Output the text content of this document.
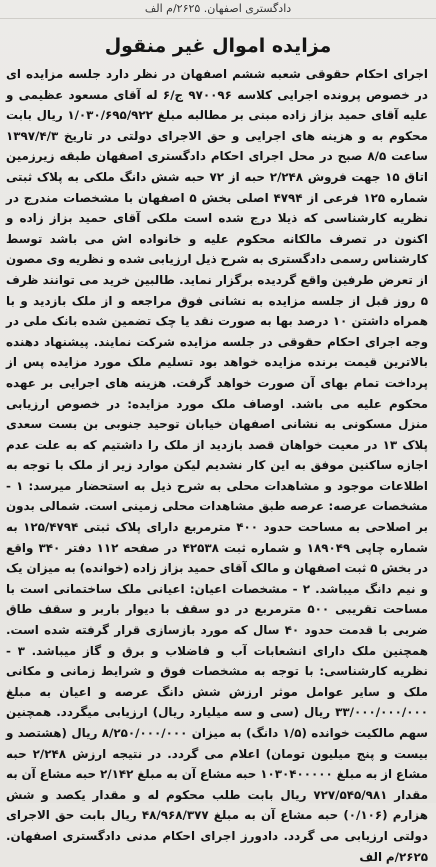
دادگستری اصفهان. ۲۶۲۵/م الف
مزایده اموال غیر منقول
اجرای احکام حقوقی شعبه ششم اصفهان در نظر دارد جلسه مزایده ای در خصوص پرونده اجرایی کلاسه ۹۷۰۰۹۶ ج/۶ له آقای مسعود عظیمی و علیه آقای حمید بزاز زاده مبنی بر مطالبه مبلغ ۱/۰۳۰/۶۹۵/۹۲۲ ریال بابت محکوم به و هزینه های اجرایی و حق الاجرای دولتی در تاریخ ۱۳۹۷/۴/۳ ساعت ۸/۵ صبح در محل اجرای احکام دادگستری اصفهان طبقه زیرزمین اتاق ۱۵ جهت فروش ۲/۲۴۸ حبه از ۷۲ حبه شش دانگ ملکی به پلاک ثبتی شماره ۱۲۵ فرعی از ۴۷۹۴ اصلی بخش ۵ اصفهان با مشخصات مندرج در نظریه کارشناسی که ذیلا درج شده است ملکی آقای حمید بزاز زاده و اکنون در تصرف مالکانه محکوم علیه و خانواده اش می باشد توسط کارشناس رسمی دادگستری به شرح ذیل ارزیابی شده و نظریه وی مصون از تعرض طرفین واقع گردیده برگزار نماید. طالبین خرید می توانند ظرف ۵ روز قبل از جلسه مزایده به نشانی فوق مراجعه و از ملک بازدید و با همراه داشتن ۱۰ درصد بها به صورت نقد یا چک تضمین شده بانک ملی در وجه اجرای احکام حقوقی در جلسه مزایده شرکت نمایند. پیشنهاد دهنده بالاترین قیمت برنده مزایده خواهد بود تسلیم ملک مورد مزایده پس از پرداخت تمام بهای آن صورت خواهد گرفت. هزینه های اجرایی بر عهده محکوم علیه می باشد. اوصاف ملک مورد مزایده: در خصوص ارزیابی منزل مسکونی به نشانی اصفهان خیابان توحید جنوبی بن بست سعدی پلاک ۱۳ در معیت خواهان قصد بازدید از ملک را داشتیم که به علت عدم اجازه ساکنین موفق به این کار نشدیم لیکن موارد زیر از ملک با توجه به اطلاعات موجود و مشاهدات محلی به شرح ذیل به استحضار میرسد: ۱ - مشخصات عرصه: عرصه طبق مشاهدات محلی زمینی است. شمالی بدون بر اصلاحی به مساحت حدود ۴۰۰ مترمربع دارای پلاک ثبتی ۱۲۵/۴۷۹۴ به شماره چاپی ۱۸۹۰۴۹ و شماره ثبت ۴۲۵۳۸ در صفحه ۱۱۲ دفتر ۳۴۰ واقع در بخش ۵ ثبت اصفهان و مالک آقای حمید بزاز زاده (خوانده) به میزان یک و نیم دانگ میباشد. ۲ - مشخصات اعیان: اعیانی ملک ساختمانی است با مساحت تقریبی ۵۰۰ مترمربع در دو سقف با دیوار باربر و سقف طاق ضربی با قدمت حدود ۴۰ سال که مورد بازسازی قرار گرفته شده است. همچنین ملک دارای انشعابات آب و فاضلاب و برق و گاز میباشد. ۳ - نظریه کارشناسی: با توجه به مشخصات فوق و شرایط زمانی و مکانی ملک و سایر عوامل موثر ارزش شش دانگ عرصه و اعیان به مبلغ ۳۳/۰۰۰/۰۰۰/۰۰۰ ریال (سی و سه میلیارد ریال) ارزیابی میگردد. همچنین سهم مالکیت خوانده (۱/۵ دانگ) به میزان ۸/۲۵۰/۰۰۰/۰۰۰ ریال (هشتصد و بیست و پنج میلیون تومان) اعلام می گردد. در نتیجه ارزش ۲/۲۴۸ حبه مشاع از به مبلغ ۱۰۳۰۴۰۰۰۰۰ حبه مشاع آن به مبلغ ۲/۱۴۲ حبه مشاع آن به مقدار ۷۲۷/۵۴۵/۹۸۱ ریال بابت طلب محکوم له و مقدار یکصد و شش هزارم (۰/۱۰۶) حبه مشاع آن به مبلغ ۴۸/۹۶۸/۳۷۷ ریال بابت حق الاجرای دولتی ارزیابی می گردد. دادورز اجرای احکام مدنی دادگستری اصفهان. ۲۶۲۵/م الف
